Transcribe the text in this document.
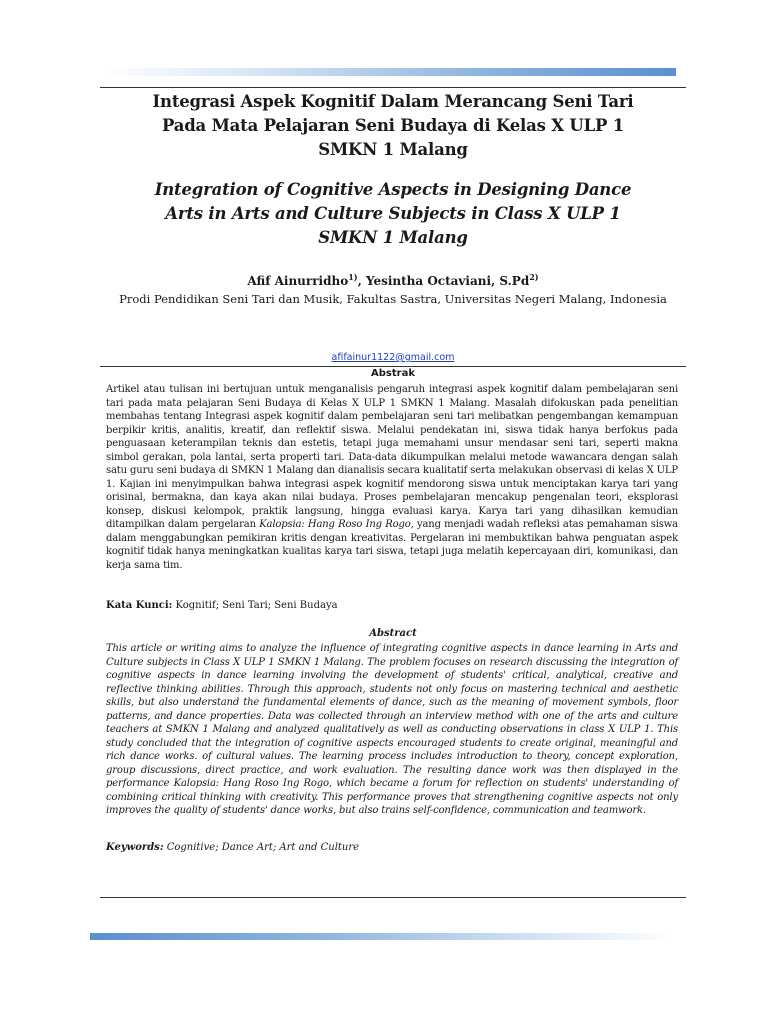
Integrasi Aspek Kognitif Dalam Merancang Seni Tari
Pada Mata Pelajaran Seni Budaya di Kelas X ULP 1
SMKN 1 Malang
Integration of Cognitive Aspects in Designing Dance
Arts in Arts and Culture Subjects in Class X ULP 1
SMKN 1 Malang
Afif Ainurridho$^{1)}$, Yesintha Octaviani, S.Pd$^{2)}$
Prodi Pendidikan Seni Tari dan Musik, Fakultas Sastra, Universitas Negeri Malang, Indonesia
afifainur1122@gmail.com
Abstrak
Artikel atau tulisan ini bertujuan untuk menganalisis pengaruh integrasi aspek kognitif dalam pembelajaran seni tari pada mata pelajaran Seni Budaya di Kelas X ULP 1 SMKN 1 Malang. Masalah difokuskan pada penelitian membahas tentang Integrasi aspek kognitif dalam pembelajaran seni tari melibatkan pengembangan kemampuan berpikir kritis, analitis, kreatif, dan reflektif siswa. Melalui pendekatan ini, siswa tidak hanya berfokus pada penguasaan keterampilan teknis dan estetis, tetapi juga memahami unsur mendasar seni tari, seperti makna simbol gerakan, pola lantai, serta properti tari. Data-data dikumpulkan melalui metode wawancara dengan salah satu guru seni budaya di SMKN 1 Malang dan dianalisis secara kualitatif serta melakukan observasi di kelas X ULP 1. Kajian ini menyimpulkan bahwa integrasi aspek kognitif mendorong siswa untuk menciptakan karya tari yang orisinal, bermakna, dan kaya akan nilai budaya. Proses pembelajaran mencakup pengenalan teori, eksplorasi konsep, diskusi kelompok, praktik langsung, hingga evaluasi karya. Karya tari yang dihasilkan kemudian ditampilkan dalam pergelaran Kalopsia: Hang Roso Ing Rogo, yang menjadi wadah refleksi atas pemahaman siswa dalam menggabungkan pemikiran kritis dengan kreativitas. Pergelaran ini membuktikan bahwa penguatan aspek kognitif tidak hanya meningkatkan kualitas karya tari siswa, tetapi juga melatih kepercayaan diri, komunikasi, dan kerja sama tim.
Kata Kunci: Kognitif; Seni Tari; Seni Budaya
Abstract
This article or writing aims to analyze the influence of integrating cognitive aspects in dance learning in Arts and Culture subjects in Class X ULP 1 SMKN 1 Malang. The problem focuses on research discussing the integration of cognitive aspects in dance learning involving the development of students' critical, analytical, creative and reflective thinking abilities. Through this approach, students not only focus on mastering technical and aesthetic skills, but also understand the fundamental elements of dance, such as the meaning of movement symbols, floor patterns, and dance properties. Data was collected through an interview method with one of the arts and culture teachers at SMKN 1 Malang and analyzed qualitatively as well as conducting observations in class X ULP 1. This study concluded that the integration of cognitive aspects encouraged students to create original, meaningful and rich dance works. of cultural values. The learning process includes introduction to theory, concept exploration, group discussions, direct practice, and work evaluation. The resulting dance work was then displayed in the performance Kalopsia: Hang Roso Ing Rogo, which became a forum for reflection on students' understanding of combining critical thinking with creativity. This performance proves that strengthening cognitive aspects not only improves the quality of students' dance works, but also trains self-confidence, communication and teamwork.
Keywords: Cognitive; Dance Art; Art and Culture
